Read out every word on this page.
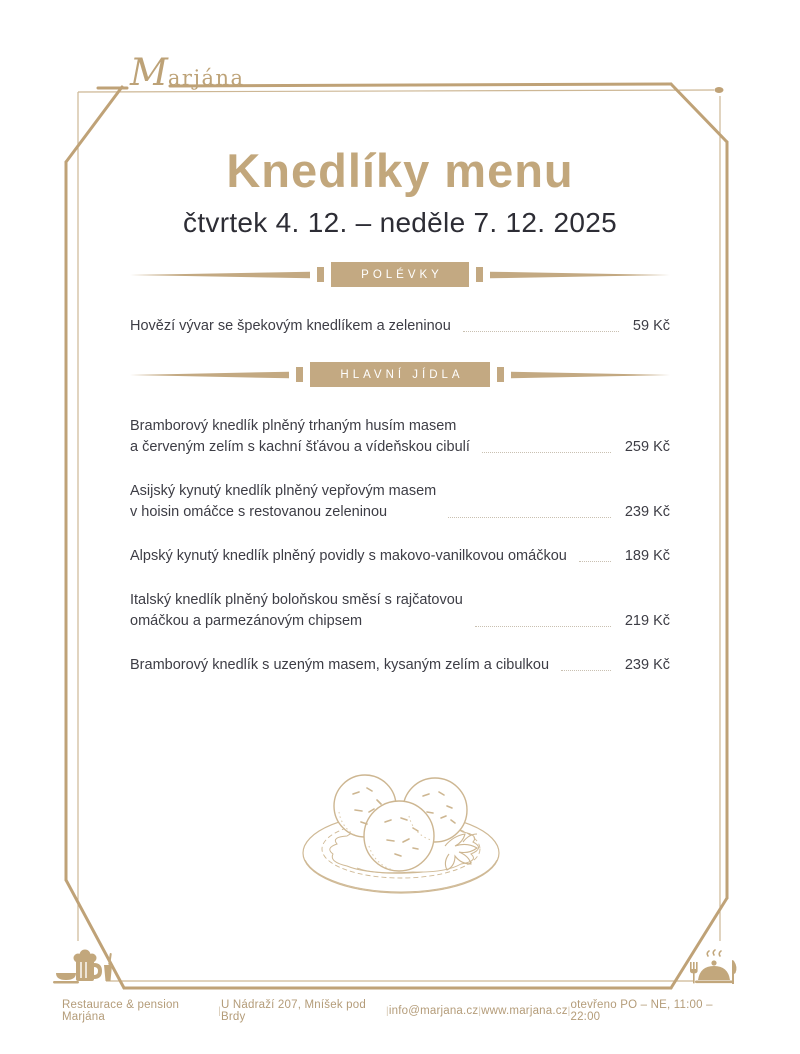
M arjána
Knedlíky menu
čtvrtek 4. 12. – neděle 7. 12. 2025
POLÉVKY
Hovězí vývar se špekovým knedlíkem a zeleninou	59 Kč
HLAVNÍ JÍDLA
Bramborový knedlík plněný trhaným husím masem
a červeným zelím s kachní šťávou a vídeňskou cibulí	259 Kč
Asijský kynutý knedlík plněný vepřovým masem
v hoisin omáčce s restovanou zeleninou	239 Kč
Alpský kynutý knedlík plněný povidly s makovo-vanilkovou omáčkou	189 Kč
Italský knedlík plněný boloňskou směsí s rajčatovou
omáčkou a parmezánovým chipsem	219 Kč
Bramborový knedlík s uzeným masem, kysaným zelím a cibulkou	239 Kč
Restaurace & pension Marjána	| U Nádraží 207, Mníšek pod Brdy	| info@marjana.cz | www.marjana.cz | otevřeno PO – NE, 11:00 – 22:00
